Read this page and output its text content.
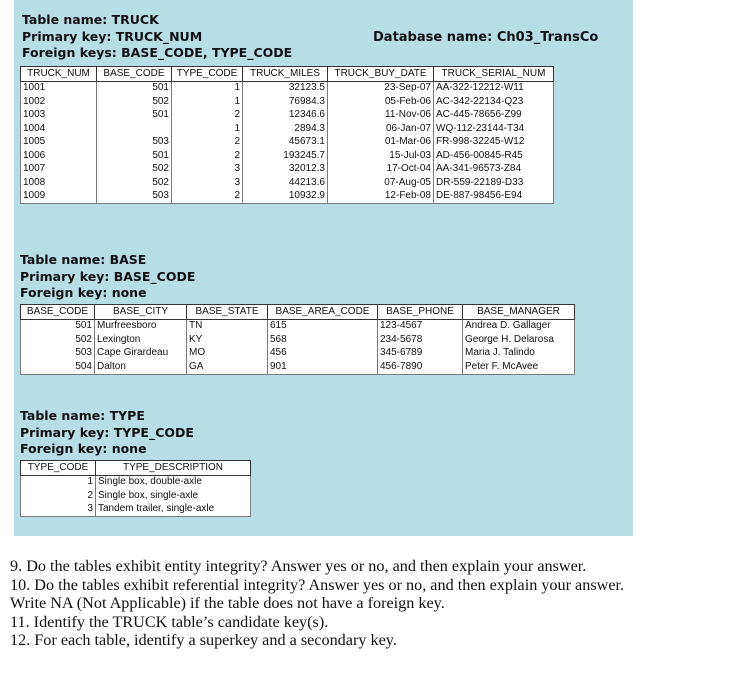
Table name: TRUCK
Primary key: TRUCK_NUM
Foreign keys: BASE_CODE, TYPE_CODE
Database name: Ch03_TransCo
TRUCK_NUM	BASE_CODE	TYPE_CODE	TRUCK_MILES	TRUCK_BUY_DATE	TRUCK_SERIAL_NUM
1001	501	1	32123.5	23-Sep-07	AA-322-12212-W11
1002	502	1	76984.3	05-Feb-06	AC-342-22134-Q23
1003	501	2	12346.6	11-Nov-06	AC-445-78656-Z99
1004		1	2894.3	06-Jan-07	WQ-112-23144-T34
1005	503	2	45673.1	01-Mar-06	FR-998-32245-W12
1006	501	2	193245.7	15-Jul-03	AD-456-00845-R45
1007	502	3	32012.3	17-Oct-04	AA-341-96573-Z84
1008	502	3	44213.6	07-Aug-05	DR-559-22189-D33
1009	503	2	10932.9	12-Feb-08	DE-887-98456-E94
Table name: BASE
Primary key: BASE_CODE
Foreign key: none
BASE_CODE	BASE_CITY	BASE_STATE	BASE_AREA_CODE	BASE_PHONE	BASE_MANAGER
501	Murfreesboro	TN	615	123-4567	Andrea D. Gallager
502	Lexington	KY	568	234-5678	George H. Delarosa
503	Cape Girardeau	MO	456	345-6789	Maria J. Talindo
504	Dalton	GA	901	456-7890	Peter F. McAvee
Table name: TYPE
Primary key: TYPE_CODE
Foreign key: none
TYPE_CODE	TYPE_DESCRIPTION
1	Single box, double-axle
2	Single box, single-axle
3	Tandem trailer, single-axle
9. Do the tables exhibit entity integrity? Answer yes or no, and then explain your answer.
10. Do the tables exhibit referential integrity? Answer yes or no, and then explain your answer.
Write NA (Not Applicable) if the table does not have a foreign key.
11. Identify the TRUCK table’s candidate key(s).
12. For each table, identify a superkey and a secondary key.
